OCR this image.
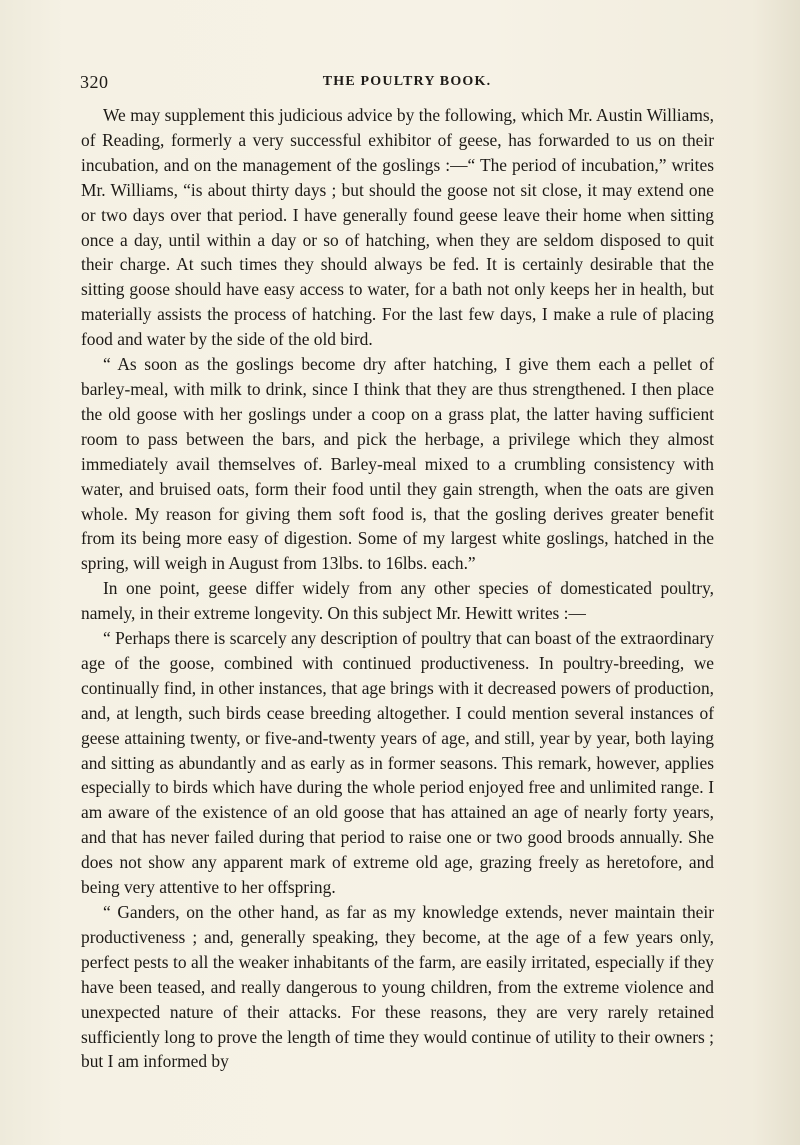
320	THE POULTRY BOOK.

We may supplement this judicious advice by the following, which Mr. Austin Williams, of Reading, formerly a very successful exhibitor of geese, has forwarded to us on their incubation, and on the management of the goslings :—“ The period of incubation,” writes Mr. Williams, “is about thirty days ; but should the goose not sit close, it may extend one or two days over that period. I have generally found geese leave their home when sitting once a day, until within a day or so of hatching, when they are seldom disposed to quit their charge. At such times they should always be fed. It is certainly desirable that the sitting goose should have easy access to water, for a bath not only keeps her in health, but materially assists the process of hatching. For the last few days, I make a rule of placing food and water by the side of the old bird.

“ As soon as the goslings become dry after hatching, I give them each a pellet of barley-meal, with milk to drink, since I think that they are thus strengthened. I then place the old goose with her goslings under a coop on a grass plat, the latter having sufficient room to pass between the bars, and pick the herbage, a privilege which they almost immediately avail themselves of. Barley-meal mixed to a crumbling consistency with water, and bruised oats, form their food until they gain strength, when the oats are given whole. My reason for giving them soft food is, that the gosling derives greater benefit from its being more easy of digestion. Some of my largest white goslings, hatched in the spring, will weigh in August from 13lbs. to 16lbs. each.”

In one point, geese differ widely from any other species of domesticated poultry, namely, in their extreme longevity. On this subject Mr. Hewitt writes :—

“ Perhaps there is scarcely any description of poultry that can boast of the extraordinary age of the goose, combined with continued productiveness. In poultry-breeding, we continually find, in other instances, that age brings with it decreased powers of production, and, at length, such birds cease breeding altogether. I could mention several instances of geese attaining twenty, or five-and-twenty years of age, and still, year by year, both laying and sitting as abundantly and as early as in former seasons. This remark, however, applies especially to birds which have during the whole period enjoyed free and unlimited range. I am aware of the existence of an old goose that has attained an age of nearly forty years, and that has never failed during that period to raise one or two good broods annually. She does not show any apparent mark of extreme old age, grazing freely as heretofore, and being very attentive to her offspring.

“ Ganders, on the other hand, as far as my knowledge extends, never maintain their productiveness ; and, generally speaking, they become, at the age of a few years only, perfect pests to all the weaker inhabitants of the farm, are easily irritated, especially if they have been teased, and really dangerous to young children, from the extreme violence and unexpected nature of their attacks. For these reasons, they are very rarely retained sufficiently long to prove the length of time they would continue of utility to their owners ; but I am informed by
